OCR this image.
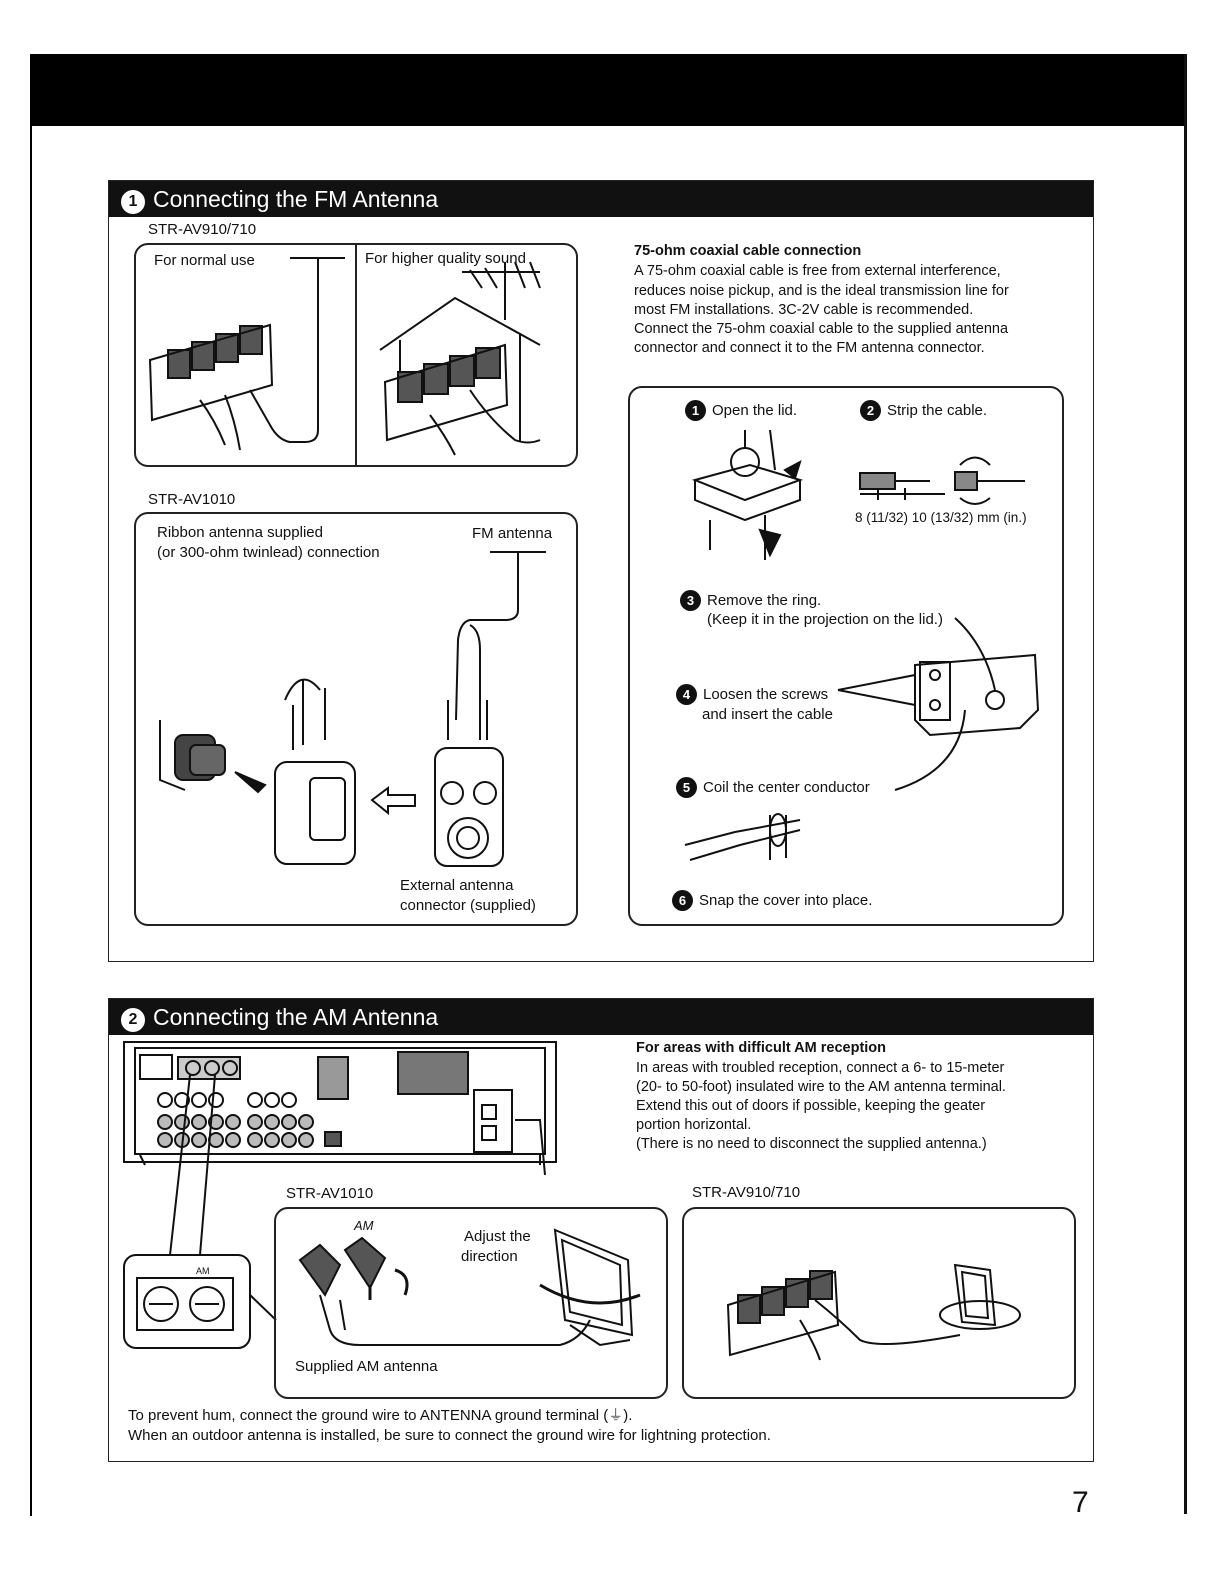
1 Connecting the FM Antenna
STR-AV910/710
For normal use	For higher quality sound
STR-AV1010
Ribbon antenna supplied
(or 300-ohm twinlead) connection
FM antenna
External antenna
connector (supplied)
75-ohm coaxial cable connection
A 75-ohm coaxial cable is free from external interference,
reduces noise pickup, and is the ideal transmission line for
most FM installations. 3C-2V cable is recommended.
Connect the 75-ohm coaxial cable to the supplied antenna
connector and connect it to the FM antenna connector.
1 Open the lid.	2 Strip the cable.
8 (11/32) 10 (13/32) mm (in.)
3 Remove the ring.
(Keep it in the projection on the lid.)
4 Loosen the screws
and insert the cable
5 Coil the center conductor
6 Snap the cover into place.
2 Connecting the AM Antenna
AM
For areas with difficult AM reception
In areas with troubled reception, connect a 6- to 15-meter
(20- to 50-foot) insulated wire to the AM antenna terminal.
Extend this out of doors if possible, keeping the geater
portion horizontal.
(There is no need to disconnect the supplied antenna.)
STR-AV1010	STR-AV910/710
Adjust the
direction
Supplied AM antenna
AM
To prevent hum, connect the ground wire to ANTENNA ground terminal (⏚).
When an outdoor antenna is installed, be sure to connect the ground wire for lightning protection.
7
